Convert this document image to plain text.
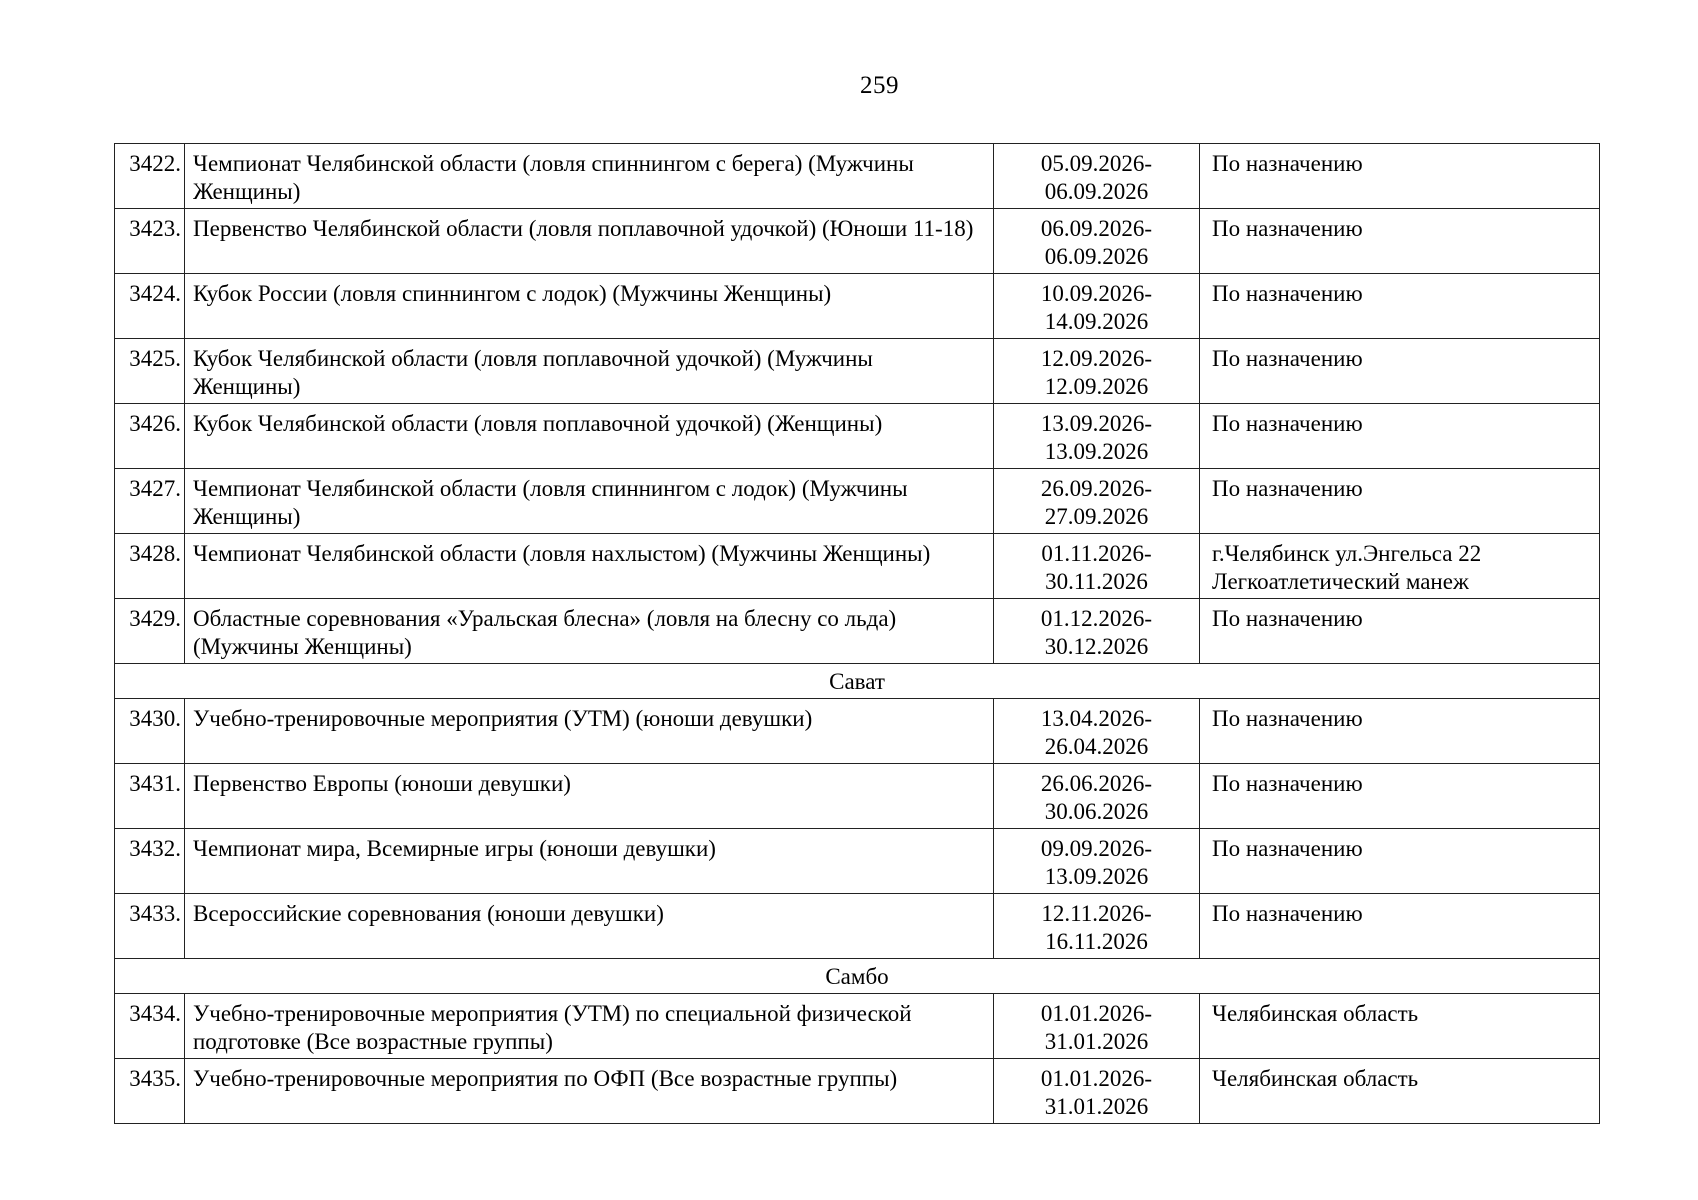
259
3422.	Чемпионат Челябинской области (ловля спиннингом с берега) (Мужчины Женщины)	05.09.2026-
06.09.2026	По назначению
3423.	Первенство Челябинской области (ловля поплавочной удочкой) (Юноши 11-18)	06.09.2026-
06.09.2026	По назначению
3424.	Кубок России (ловля спиннингом с лодок) (Мужчины Женщины)	10.09.2026-
14.09.2026	По назначению
3425.	Кубок Челябинской области (ловля поплавочной удочкой) (Мужчины Женщины)	12.09.2026-
12.09.2026	По назначению
3426.	Кубок Челябинской области (ловля поплавочной удочкой) (Женщины)	13.09.2026-
13.09.2026	По назначению
3427.	Чемпионат Челябинской области (ловля спиннингом с лодок) (Мужчины Женщины)	26.09.2026-
27.09.2026	По назначению
3428.	Чемпионат Челябинской области (ловля нахлыстом) (Мужчины Женщины)	01.11.2026-
30.11.2026	г.Челябинск ул.Энгельса 22 Легкоатлетический манеж
3429.	Областные соревнования «Уральская блесна» (ловля на блесну со льда) (Мужчины Женщины)	01.12.2026-
30.12.2026	По назначению
Сават			
3430.	Учебно-тренировочные мероприятия (УТМ) (юноши девушки)	13.04.2026-
26.04.2026	По назначению
3431.	Первенство Европы (юноши девушки)	26.06.2026-
30.06.2026	По назначению
3432.	Чемпионат мира, Всемирные игры (юноши девушки)	09.09.2026-
13.09.2026	По назначению
3433.	Всероссийские соревнования (юноши девушки)	12.11.2026-
16.11.2026	По назначению
Самбо			
3434.	Учебно-тренировочные мероприятия (УТМ) по специальной физической подготовке (Все возрастные группы)	01.01.2026-
31.01.2026	Челябинская область
3435.	Учебно-тренировочные мероприятия по ОФП (Все возрастные группы)	01.01.2026-
31.01.2026	Челябинская область
